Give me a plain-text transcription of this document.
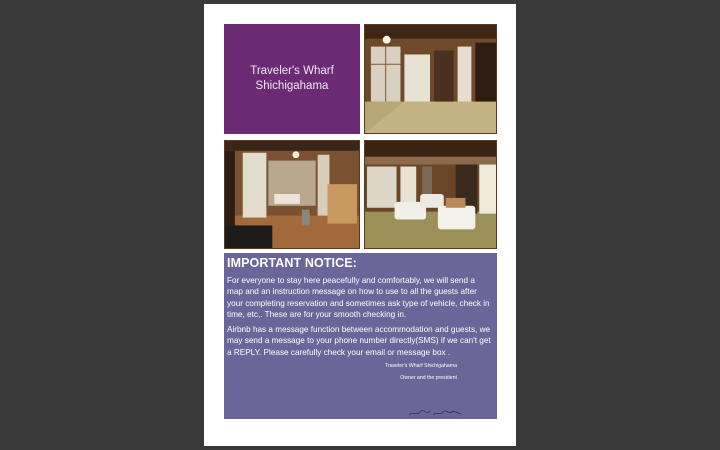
Traveler's Wharf
Shichigahama
IMPORTANT NOTICE:

For everyone to stay here peacefully and comfortably, we will send a map and an instruction message on how to use to all the guests after your completing reservation and sometimes ask type of vehicle, check in time, etc,. These are for your smooth checking in.

Airbnb has a message function between accommodation and guests, we may send a message to your phone number directly(SMS) if we can't get a REPLY. Please carefully check your email or message box .

Traveler's Wharf Shichigahama
Owner and the president
